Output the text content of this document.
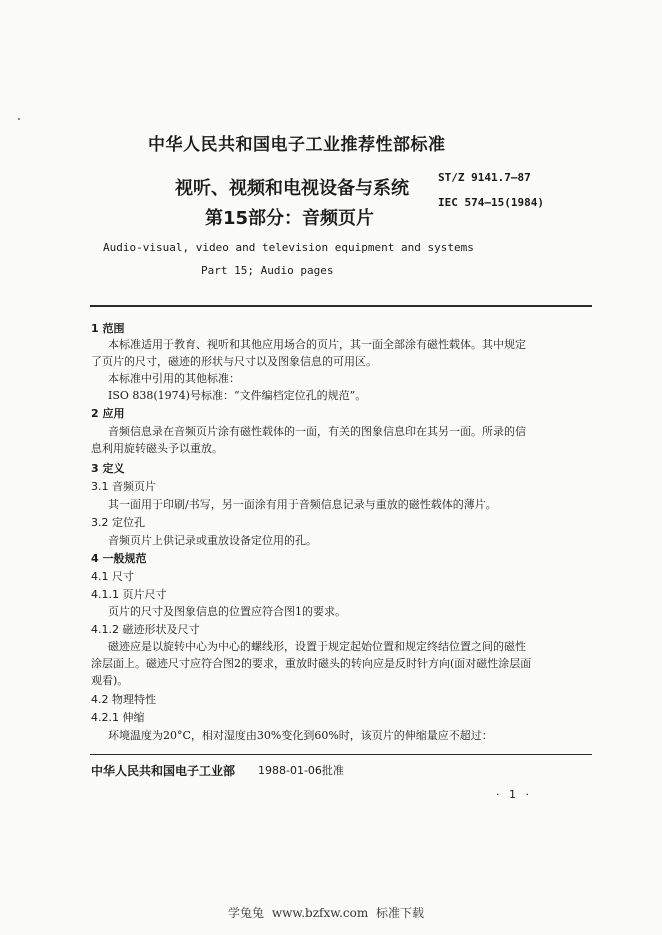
中华人民共和国电子工业推荐性部标准
视听、视频和电视设备与系统
第15部分：音频页片
ST/Z 9141.7—87
IEC 574—15(1984)
Audio-visual, video and television equipment and systems
Part 15; Audio pages
1 范围
本标准适用于教育、视听和其他应用场合的页片，其一面全部涂有磁性载体。其中规定
了页片的尺寸，磁迹的形状与尺寸以及图象信息的可用区。
本标准中引用的其他标准：
ISO 838(1974)号标准：“文件编档定位孔的规范”。
2 应用
音频信息录在音频页片涂有磁性载体的一面，有关的图象信息印在其另一面。所录的信
息利用旋转磁头予以重放。
3 定义
3.1 音频页片
其一面用于印刷/书写，另一面涂有用于音频信息记录与重放的磁性载体的薄片。
3.2 定位孔
音频页片上供记录或重放设备定位用的孔。
4 一般规范
4.1 尺寸
4.1.1 页片尺寸
页片的尺寸及图象信息的位置应符合图1的要求。
4.1.2 磁迹形状及尺寸
磁迹应是以旋转中心为中心的螺线形，设置于规定起始位置和规定终结位置之间的磁性
涂层面上。磁迹尺寸应符合图2的要求，重放时磁头的转向应是反时针方向(面对磁性涂层面
观看)。
4.2 物理特性
4.2.1 伸缩
环境温度为20°C，相对湿度由30%变化到60%时，该页片的伸缩量应不超过：
中华人民共和国电子工业部 1988-01-06批准
· 1 ·
学兔兔 www.bzfxw.com 标准下载
